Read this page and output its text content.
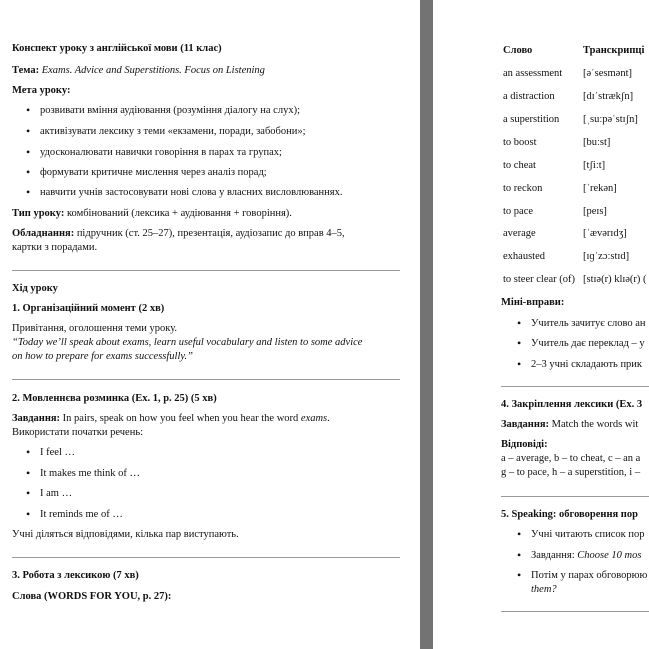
Конспект уроку з англійської мови (11 клас)
Тема: Exams. Advice and Superstitions. Focus on Listening
Мета уроку:
• розвивати вміння аудіювання (розуміння діалогу на слух);
• активізувати лексику з теми «екзамени, поради, забобони»;
• удосконалювати навички говоріння в парах та групах;
• формувати критичне мислення через аналіз порад;
• навчити учнів застосовувати нові слова у власних висловлюваннях.
Тип уроку: комбінований (лексика + аудіювання + говоріння).
Обладнання: підручник (ст. 25–27), презентація, аудіозапис до вправ 4–5,
картки з порадами.
Хід уроку
1. Організаційний момент (2 хв)
Привітання, оголошення теми уроку.
“Today we’ll speak about exams, learn useful vocabulary and listen to some advice
on how to prepare for exams successfully.”
2. Мовленнєва розминка (Ex. 1, p. 25) (5 хв)
Завдання: In pairs, speak on how you feel when you hear the word exams.
Використати початки речень:
• I feel …
• It makes me think of …
• I am …
• It reminds me of …
Учні діляться відповідями, кілька пар виступають.
3. Робота з лексикою (7 хв)
Слова (WORDS FOR YOU, p. 27):
Слово	Транскрипці
an assessment [əˈsesmənt]
a distraction	[dɪˈstrækʃn]
a superstition [ˌsuːpəˈstɪʃn]
to boost	[buːst]
to cheat	[tʃiːt]
to reckon	[ˈrekən]
to pace	[peɪs]
average	[ˈævərɪdʒ]
exhausted	[ɪɡˈzɔːstɪd]
to steer clear (of) [stɪə(r) klɪə(r) (
Міні-вправи:
• Учитель зачитує слово ан
• Учитель дає переклад – у
• 2–3 учні складають прик
4. Закріплення лексики (Ex. 3
Завдання: Match the words wit
Відповіді:
a – average, b – to cheat, c – an a
g – to pace, h – a superstition, i –
5. Speaking: обговорення пор
• Учні читають список пор
• Завдання: Choose 10 mos
• Потім у парах обговорюю
them?
